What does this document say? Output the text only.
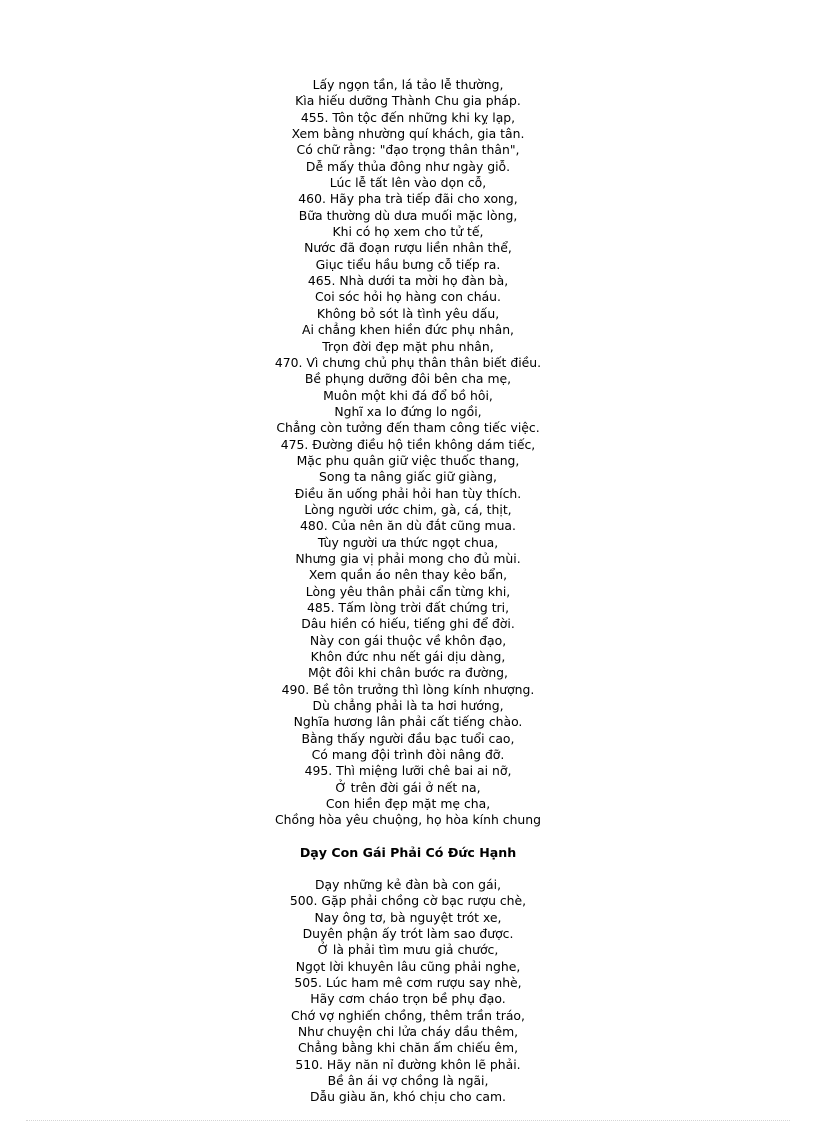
Lấy ngọn tần, lá tảo lễ thường,
Kìa hiếu dưỡng Thành Chu gia pháp.
455. Tôn tộc đến những khi kỵ lạp,
Xem bằng nhường quí khách, gia tân.
Có chữ rằng: "đạo trọng thân thân",
Dễ mấy thủa đông như ngày giỗ.
Lúc lễ tất lên vào dọn cỗ,
460. Hãy pha trà tiếp đãi cho xong,
Bữa thường dù dưa muối mặc lòng,
Khi có họ xem cho tử tế,
Nước đã đoạn rượu liền nhân thể,
Giục tiểu hầu bưng cỗ tiếp ra.
465. Nhà dưới ta mời họ đàn bà,
Coi sóc hỏi họ hàng con cháu.
Không bỏ sót là tình yêu dấu,
Ai chẳng khen hiền đức phụ nhân,
Trọn đời đẹp mặt phu nhân,
470. Vì chưng chủ phụ thân thân biết điều.
Bề phụng dưỡng đôi bên cha mẹ,
Muôn một khi đá đổ bồ hôi,
Nghĩ xa lo đứng lo ngồi,
Chẳng còn tưởng đến tham công tiếc việc.
475. Đường điều hộ tiền không dám tiếc,
Mặc phu quân giữ việc thuốc thang,
Song ta nâng giấc giữ giàng,
Điều ăn uống phải hỏi han tùy thích.
Lòng người ước chim, gà, cá, thịt,
480. Của nên ăn dù đắt cũng mua.
Tùy người ưa thức ngọt chua,
Nhưng gia vị phải mong cho đủ mùi.
Xem quần áo nên thay kẻo bẩn,
Lòng yêu thân phải cẩn từng khi,
485. Tấm lòng trời đất chứng tri,
Dâu hiền có hiếu, tiếng ghi để đời.
Này con gái thuộc về khôn đạo,
Khôn đức nhu nết gái dịu dàng,
Một đôi khi chân bước ra đường,
490. Bề tôn trưởng thì lòng kính nhượng.
Dù chẳng phải là ta hơi hướng,
Nghĩa hương lân phải cất tiếng chào.
Bằng thấy người đầu bạc tuổi cao,
Có mang đội trình đòi nâng đỡ.
495. Thì miệng lưỡi chê bai ai nỡ,
Ở trên đời gái ở nết na,
Con hiền đẹp mặt mẹ cha,
Chồng hòa yêu chuộng, họ hòa kính chung
Dạy Con Gái Phải Có Đức Hạnh
Dạy những kẻ đàn bà con gái,
500. Gặp phải chồng cờ bạc rượu chè,
Nay ông tơ, bà nguyệt trót xe,
Duyên phận ấy trót làm sao được.
Ở là phải tìm mưu giả chước,
Ngọt lời khuyên lâu cũng phải nghe,
505. Lúc ham mê cơm rượu say nhè,
Hãy cơm cháo trọn bề phụ đạo.
Chớ vợ nghiến chồng, thêm trần tráo,
Như chuyện chi lửa cháy dầu thêm,
Chẳng bằng khi chăn ấm chiếu êm,
510. Hãy năn nỉ đường khôn lẽ phải.
Bề ân ái vợ chồng là ngãi,
Dẫu giàu ăn, khó chịu cho cam.
